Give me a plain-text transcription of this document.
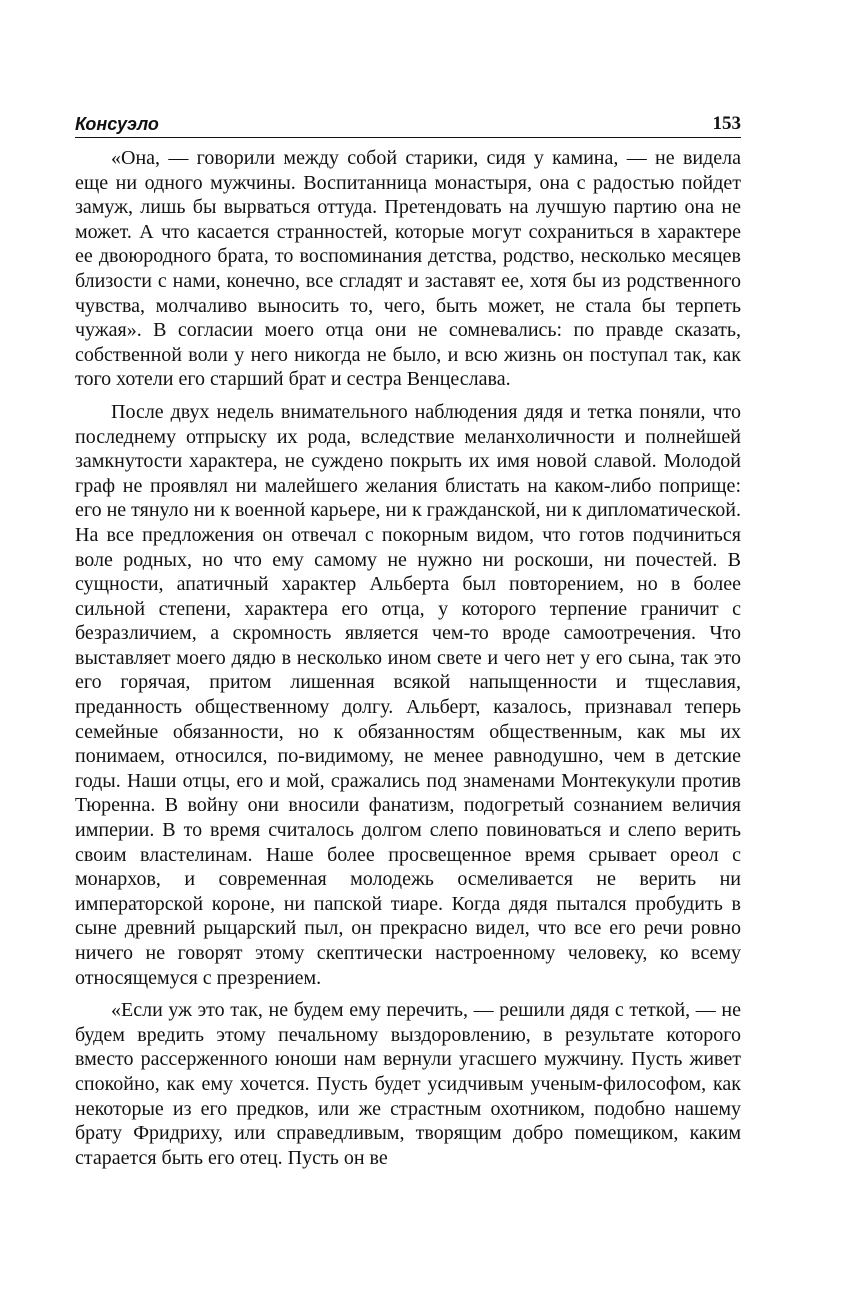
Консуэло	153

«Она, — говорили между собой старики, сидя у камина, — не видела еще ни одного мужчины. Воспитанница монастыря, она с радостью пойдет замуж, лишь бы вырваться оттуда. Претендовать на лучшую партию она не может. А что касается странностей, которые могут сохраниться в характере ее двоюродного брата, то воспоминания детства, родство, несколько месяцев близости с нами, конечно, все сгладят и заставят ее, хотя бы из родственного чувства, молчаливо выносить то, чего, быть может, не стала бы терпеть чужая». В согласии моего отца они не сомневались: по правде сказать, собственной воли у него никогда не было, и всю жизнь он поступал так, как того хотели его старший брат и сестра Венцеслава.

После двух недель внимательного наблюдения дядя и тетка поняли, что последнему отпрыску их рода, вследствие меланхоличности и полнейшей замкнутости характера, не суждено покрыть их имя новой славой. Молодой граф не проявлял ни малейшего желания блистать на каком-либо поприще: его не тянуло ни к военной карьере, ни к гражданской, ни к дипломатической. На все предложения он отвечал с покорным видом, что готов подчиниться воле родных, но что ему самому не нужно ни роскоши, ни почестей. В сущности, апатичный характер Альберта был повторением, но в более сильной степени, характера его отца, у которого терпение граничит с безразличием, а скромность является чем-то вроде самоотречения. Что выставляет моего дядю в несколько ином свете и чего нет у его сына, так это его горячая, притом лишенная всякой напыщенности и тщеславия, преданность общественному долгу. Альберт, казалось, признавал теперь семейные обязанности, но к обязанностям общественным, как мы их понимаем, относился, по-видимому, не менее равнодушно, чем в детские годы. Наши отцы, его и мой, сражались под знаменами Монтекукули против Тюренна. В войну они вносили фанатизм, подогретый сознанием величия империи. В то время считалось долгом слепо повиноваться и слепо верить своим властелинам. Наше более просвещенное время срывает ореол с монархов, и современная молодежь осмеливается не верить ни императорской короне, ни папской тиаре. Когда дядя пытался пробудить в сыне древний рыцарский пыл, он прекрасно видел, что все его речи ровно ничего не говорят этому скептически настроенному человеку, ко всему относящемуся с презрением.

«Если уж это так, не будем ему перечить, — решили дядя с теткой, — не будем вредить этому печальному выздоровлению, в результате которого вместо рассерженного юноши нам вернули угасшего мужчину. Пусть живет спокойно, как ему хочется. Пусть будет усидчивым ученым-философом, как некоторые из его предков, или же страстным охотником, подобно нашему брату Фридриху, или справедливым, творящим добро помещиком, каким старается быть его отец. Пусть он ве
